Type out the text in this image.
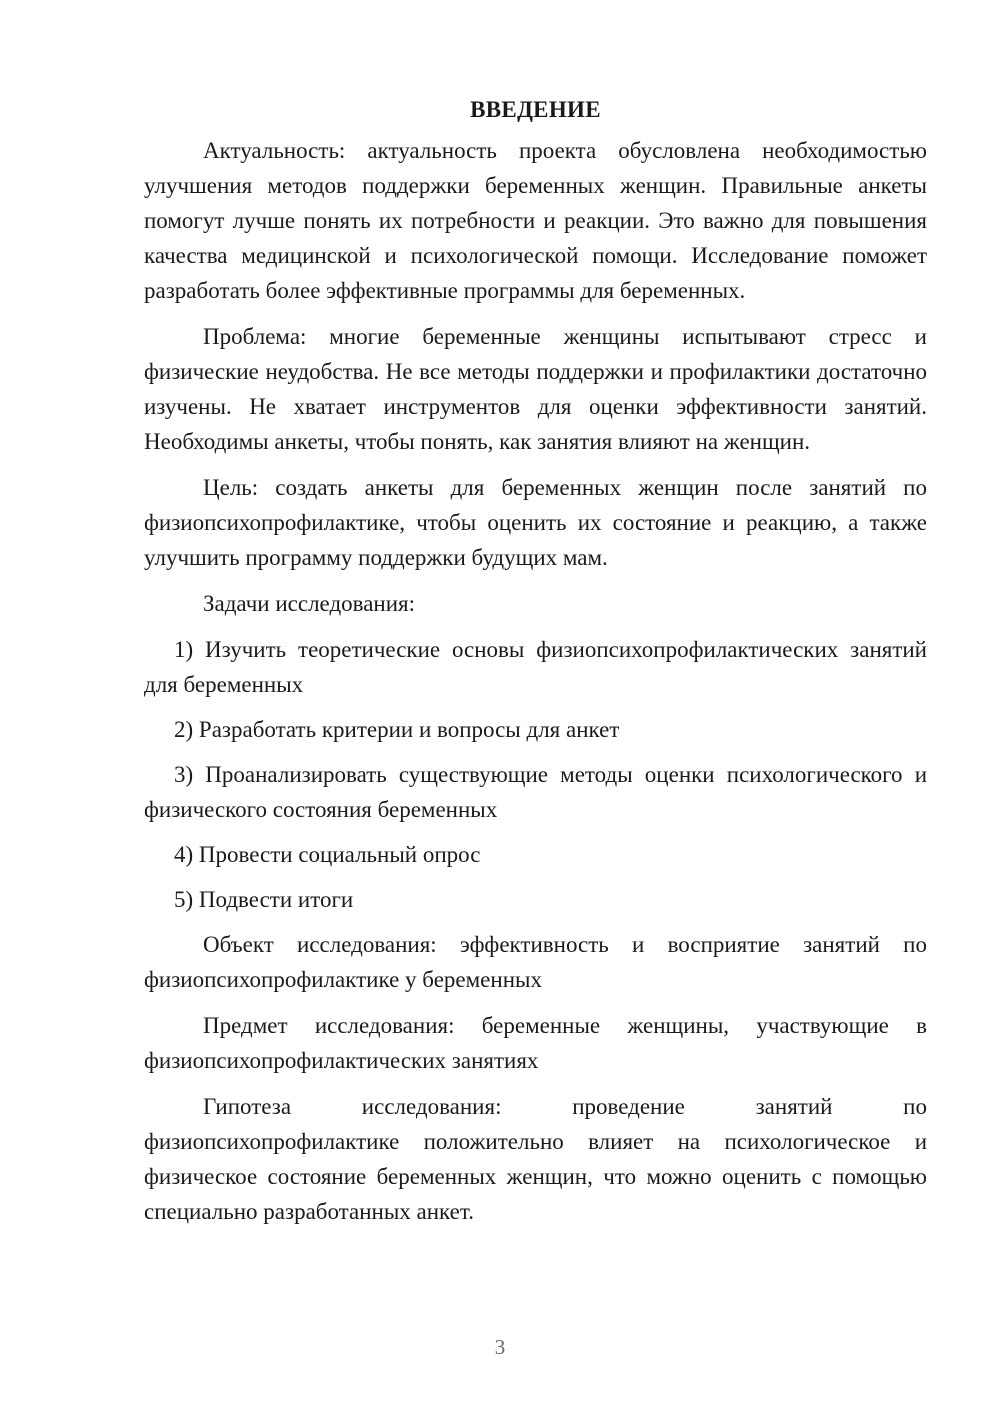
ВВЕДЕНИЕ

Актуальность: актуальность проекта обусловлена необходимостью улучшения методов поддержки беременных женщин. Правильные анкеты помогут лучше понять их потребности и реакции. Это важно для повышения качества медицинской и психологической помощи. Исследование поможет разработать более эффективные программы для беременных.

Проблема: многие беременные женщины испытывают стресс и физические неудобства. Не все методы поддержки и профилактики достаточно изучены. Не хватает инструментов для оценки эффективности занятий. Необходимы анкеты, чтобы понять, как занятия влияют на женщин.

Цель: создать анкеты для беременных женщин после занятий по физиопсихопрофилактике, чтобы оценить их состояние и реакцию, а также улучшить программу поддержки будущих мам.

Задачи исследования:

1) Изучить теоретические основы физиопсихопрофилактических занятий для беременных

2) Разработать критерии и вопросы для анкет

3) Проанализировать существующие методы оценки психологического и физического состояния беременных

4) Провести социальный опрос

5) Подвести итоги

Объект исследования: эффективность и восприятие занятий по физиопсихопрофилактике у беременных

Предмет исследования: беременные женщины, участвующие в физиопсихопрофилактических занятиях

Гипотеза исследования: проведение занятий по физиопсихопрофилактике положительно влияет на психологическое и физическое состояние беременных женщин, что можно оценить с помощью специально разработанных анкет.

3
